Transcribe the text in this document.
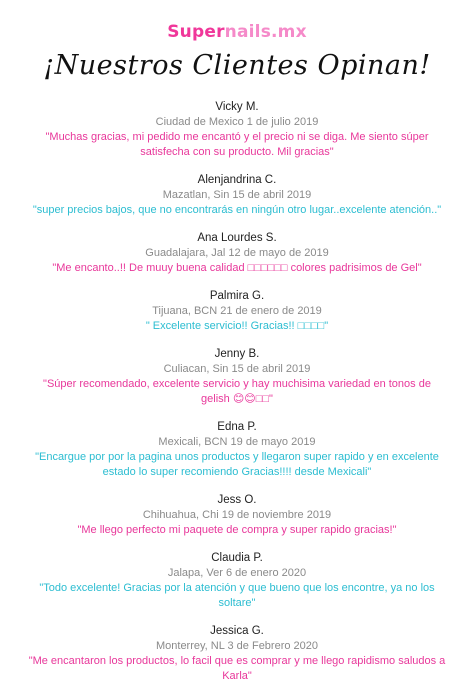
Supernails.mx
¡Nuestros Clientes Opinan!
Vicky M.
Ciudad de Mexico 1 de julio 2019
"Muchas gracias, mi pedido me encantó y el precio ni se diga. Me siento súper satisfecha con su producto. Mil gracias"
Alenjandrina C.
Mazatlan, Sin 15 de abril 2019
"super precios bajos, que no encontrarás en ningún otro lugar..excelente atención.."
Ana Lourdes S.
Guadalajara, Jal 12 de mayo de 2019
"Me encanto..!! De muuy buena calidad □□□□□□ colores padrisimos de Gel"
Palmira G.
Tijuana, BCN 21 de enero de 2019
" Excelente servicio!! Gracias!! □□□□"
Jenny B.
Culiacan, Sin 15 de abril 2019
"Súper recomendado, excelente servicio y hay muchisima variedad en tonos de gelish 😊😊□□"
Edna P.
Mexicali, BCN 19 de mayo 2019
"Encargue por por la pagina unos productos y llegaron super rapido y en excelente estado lo super recomiendo Gracias!!!! desde Mexicali"
Jess O.
Chihuahua, Chi 19 de noviembre 2019
"Me llego perfecto mi paquete de compra y super rapido gracias!"
Claudia P.
Jalapa, Ver 6 de enero 2020
"Todo excelente! Gracias por la atención y que bueno que los encontre, ya no los soltare"
Jessica G.
Monterrey, NL 3 de Febrero 2020
"Me encantaron los productos, lo facil que es comprar y me llego rapidismo saludos a Karla"
